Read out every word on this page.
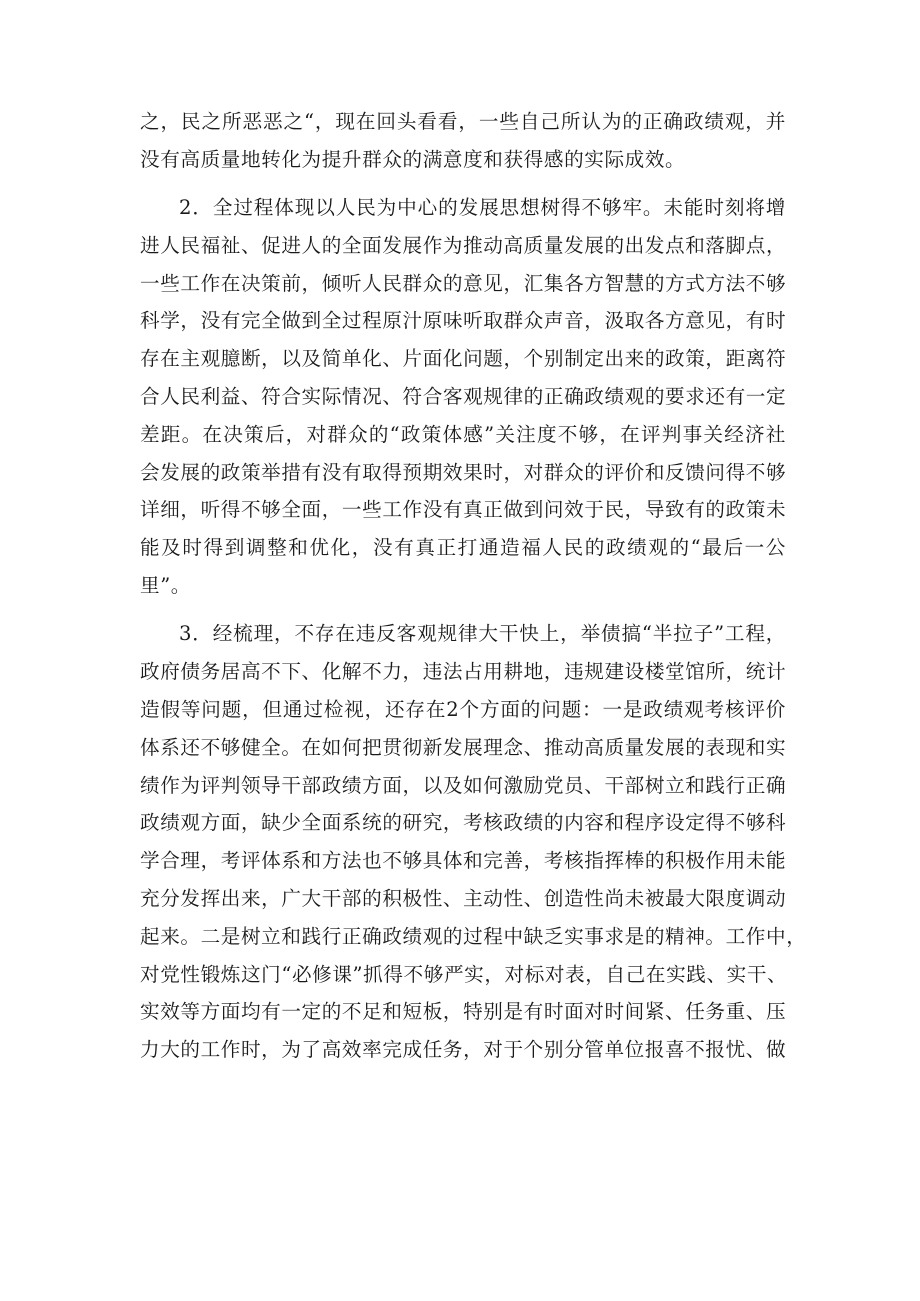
之，民之所恶恶之“，现在回头看看，一些自己所认为的正确政绩观，并
没有高质量地转化为提升群众的满意度和获得感的实际成效。
2．全过程体现以人民为中心的发展思想树得不够牢。未能时刻将增
进人民福祉、促进人的全面发展作为推动高质量发展的出发点和落脚点，
一些工作在决策前，倾听人民群众的意见，汇集各方智慧的方式方法不够
科学，没有完全做到全过程原汁原味听取群众声音，汲取各方意见，有时
存在主观臆断，以及简单化、片面化问题，个别制定出来的政策，距离符
合人民利益、符合实际情况、符合客观规律的正确政绩观的要求还有一定
差距。在决策后，对群众的“政策体感”关注度不够，在评判事关经济社
会发展的政策举措有没有取得预期效果时，对群众的评价和反馈问得不够
详细，听得不够全面，一些工作没有真正做到问效于民，导致有的政策未
能及时得到调整和优化，没有真正打通造福人民的政绩观的“最后一公
里”。
3．经梳理，不存在违反客观规律大干快上，举债搞“半拉子”工程，
政府债务居高不下、化解不力，违法占用耕地，违规建设楼堂馆所，统计
造假等问题，但通过检视，还存在2个方面的问题：一是政绩观考核评价
体系还不够健全。在如何把贯彻新发展理念、推动高质量发展的表现和实
绩作为评判领导干部政绩方面，以及如何激励党员、干部树立和践行正确
政绩观方面，缺少全面系统的研究，考核政绩的内容和程序设定得不够科
学合理，考评体系和方法也不够具体和完善，考核指挥棒的积极作用未能
充分发挥出来，广大干部的积极性、主动性、创造性尚未被最大限度调动
起来。二是树立和践行正确政绩观的过程中缺乏实事求是的精神。工作中，
对党性锻炼这门“必修课”抓得不够严实，对标对表，自己在实践、实干、
实效等方面均有一定的不足和短板，特别是有时面对时间紧、任务重、压
力大的工作时，为了高效率完成任务，对于个别分管单位报喜不报忧、做
